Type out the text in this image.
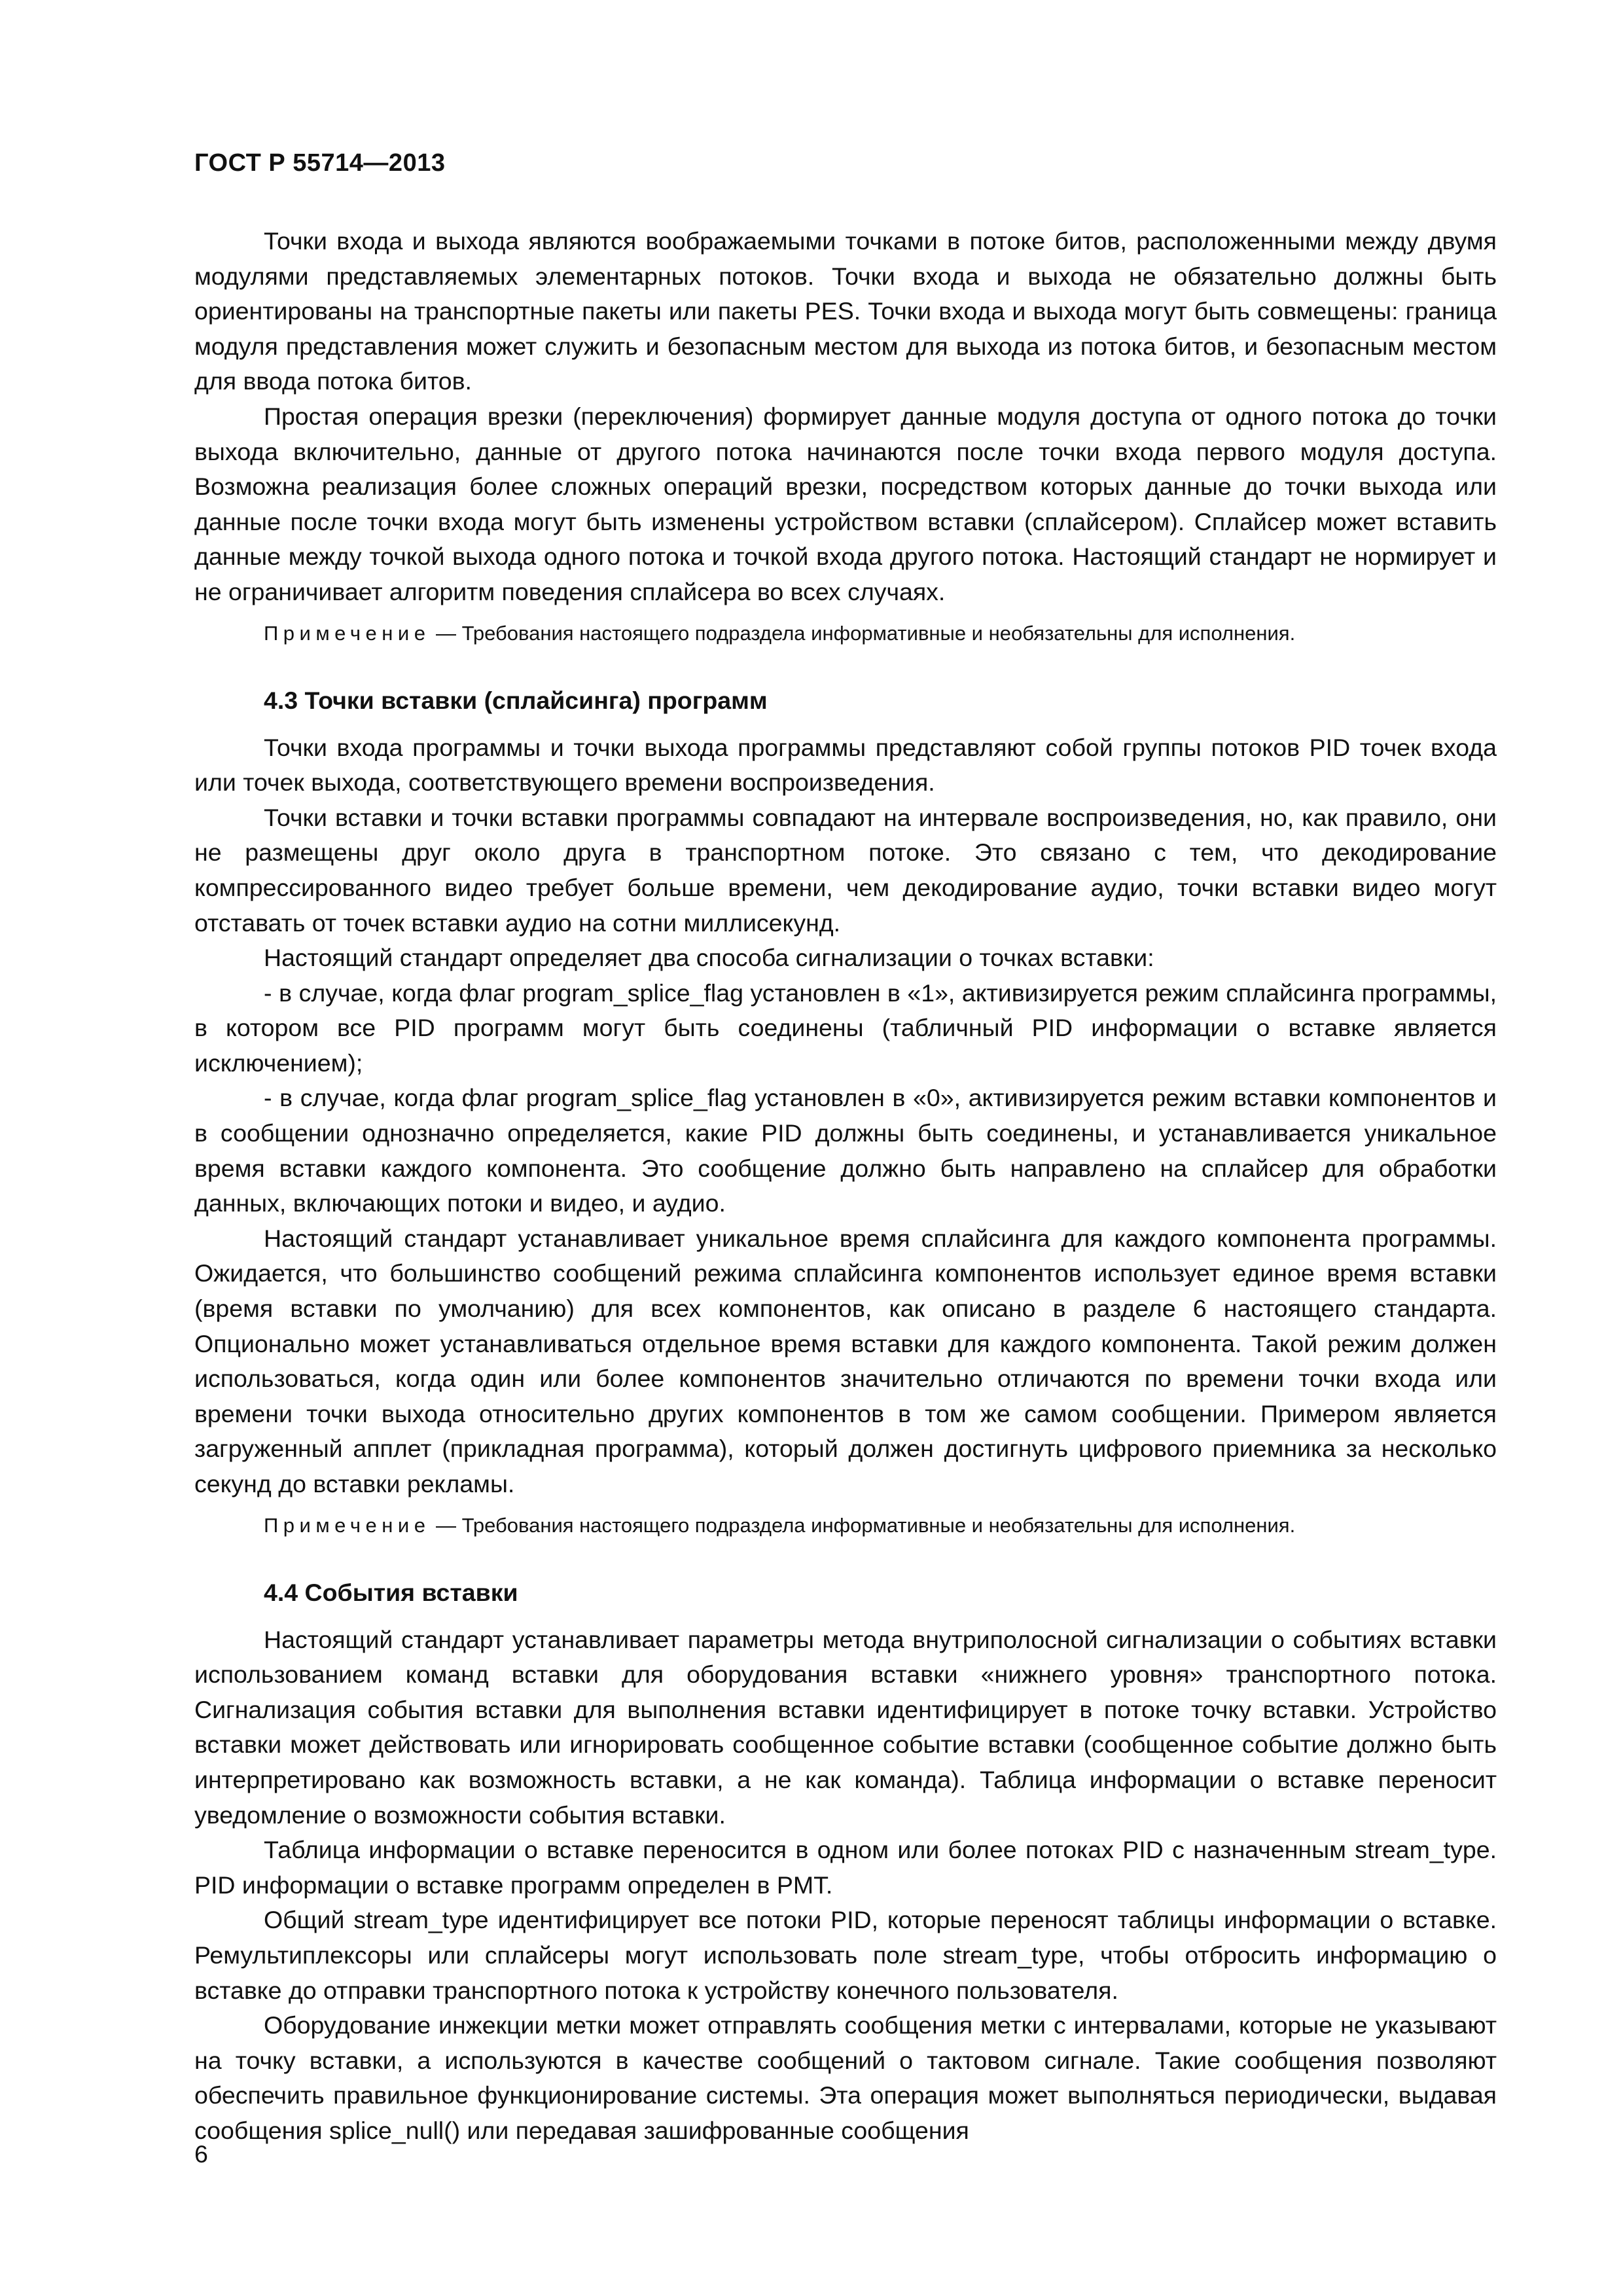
ГОСТ Р 55714—2013

Точки входа и выхода являются воображаемыми точками в потоке битов, расположенными между двумя модулями представляемых элементарных потоков. Точки входа и выхода не обязательно должны быть ориентированы на транспортные пакеты или пакеты PES. Точки входа и выхода могут быть совмещены: граница модуля представления может служить и безопасным местом для выхода из потока битов, и безопасным местом для ввода потока битов.

Простая операция врезки (переключения) формирует данные модуля доступа от одного потока до точки выхода включительно, данные от другого потока начинаются после точки входа первого модуля доступа. Возможна реализация более сложных операций врезки, посредством которых данные до точки выхода или данные после точки входа могут быть изменены устройством вставки (сплайсером). Сплайсер может вставить данные между точкой выхода одного потока и точкой входа другого потока. Настоящий стандарт не нормирует и не ограничивает алгоритм поведения сплайсера во всех случаях.

Примечение — Требования настоящего подраздела информативные и необязательны для исполнения.

4.3 Точки вставки (сплайсинга) программ

Точки входа программы и точки выхода программы представляют собой группы потоков PID точек входа или точек выхода, соответствующего времени воспроизведения.

Точки вставки и точки вставки программы совпадают на интервале воспроизведения, но, как правило, они не размещены друг около друга в транспортном потоке. Это связано с тем, что декодирование компрессированного видео требует больше времени, чем декодирование аудио, точки вставки видео могут отставать от точек вставки аудио на сотни миллисекунд.

Настоящий стандарт определяет два способа сигнализации о точках вставки:

- в случае, когда флаг program_splice_flag установлен в «1», активизируется режим сплайсинга программы, в котором все PID программ могут быть соединены (табличный PID информации о вставке является исключением);

- в случае, когда флаг program_splice_flag установлен в «0», активизируется режим вставки компонентов и в сообщении однозначно определяется, какие PID должны быть соединены, и устанавливается уникальное время вставки каждого компонента. Это сообщение должно быть направлено на сплайсер для обработки данных, включающих потоки и видео, и аудио.

Настоящий стандарт устанавливает уникальное время сплайсинга для каждого компонента программы. Ожидается, что большинство сообщений режима сплайсинга компонентов использует единое время вставки (время вставки по умолчанию) для всех компонентов, как описано в разделе 6 настоящего стандарта. Опционально может устанавливаться отдельное время вставки для каждого компонента. Такой режим должен использоваться, когда один или более компонентов значительно отличаются по времени точки входа или времени точки выхода относительно других компонентов в том же самом сообщении. Примером является загруженный апплет (прикладная программа), который должен достигнуть цифрового приемника за несколько секунд до вставки рекламы.

Примечение — Требования настоящего подраздела информативные и необязательны для исполнения.

4.4 События вставки

Настоящий стандарт устанавливает параметры метода внутриполосной сигнализации о событиях вставки использованием команд вставки для оборудования вставки «нижнего уровня» транспортного потока. Сигнализация события вставки для выполнения вставки идентифицирует в потоке точку вставки. Устройство вставки может действовать или игнорировать сообщенное событие вставки (сообщенное событие должно быть интерпретировано как возможность вставки, а не как команда). Таблица информации о вставке переносит уведомление о возможности события вставки.

Таблица информации о вставке переносится в одном или более потоках PID с назначенным stream_type. PID информации о вставке программ определен в PMT.

Общий stream_type идентифицирует все потоки PID, которые переносят таблицы информации о вставке. Ремультиплексоры или сплайсеры могут использовать поле stream_type, чтобы отбросить информацию о вставке до отправки транспортного потока к устройству конечного пользователя.

Оборудование инжекции метки может отправлять сообщения метки с интервалами, которые не указывают на точку вставки, а используются в качестве сообщений о тактовом сигнале. Такие сообщения позволяют обеспечить правильное функционирование системы. Эта операция может выполняться периодически, выдавая сообщения splice_null() или передавая зашифрованные сообщения

6
